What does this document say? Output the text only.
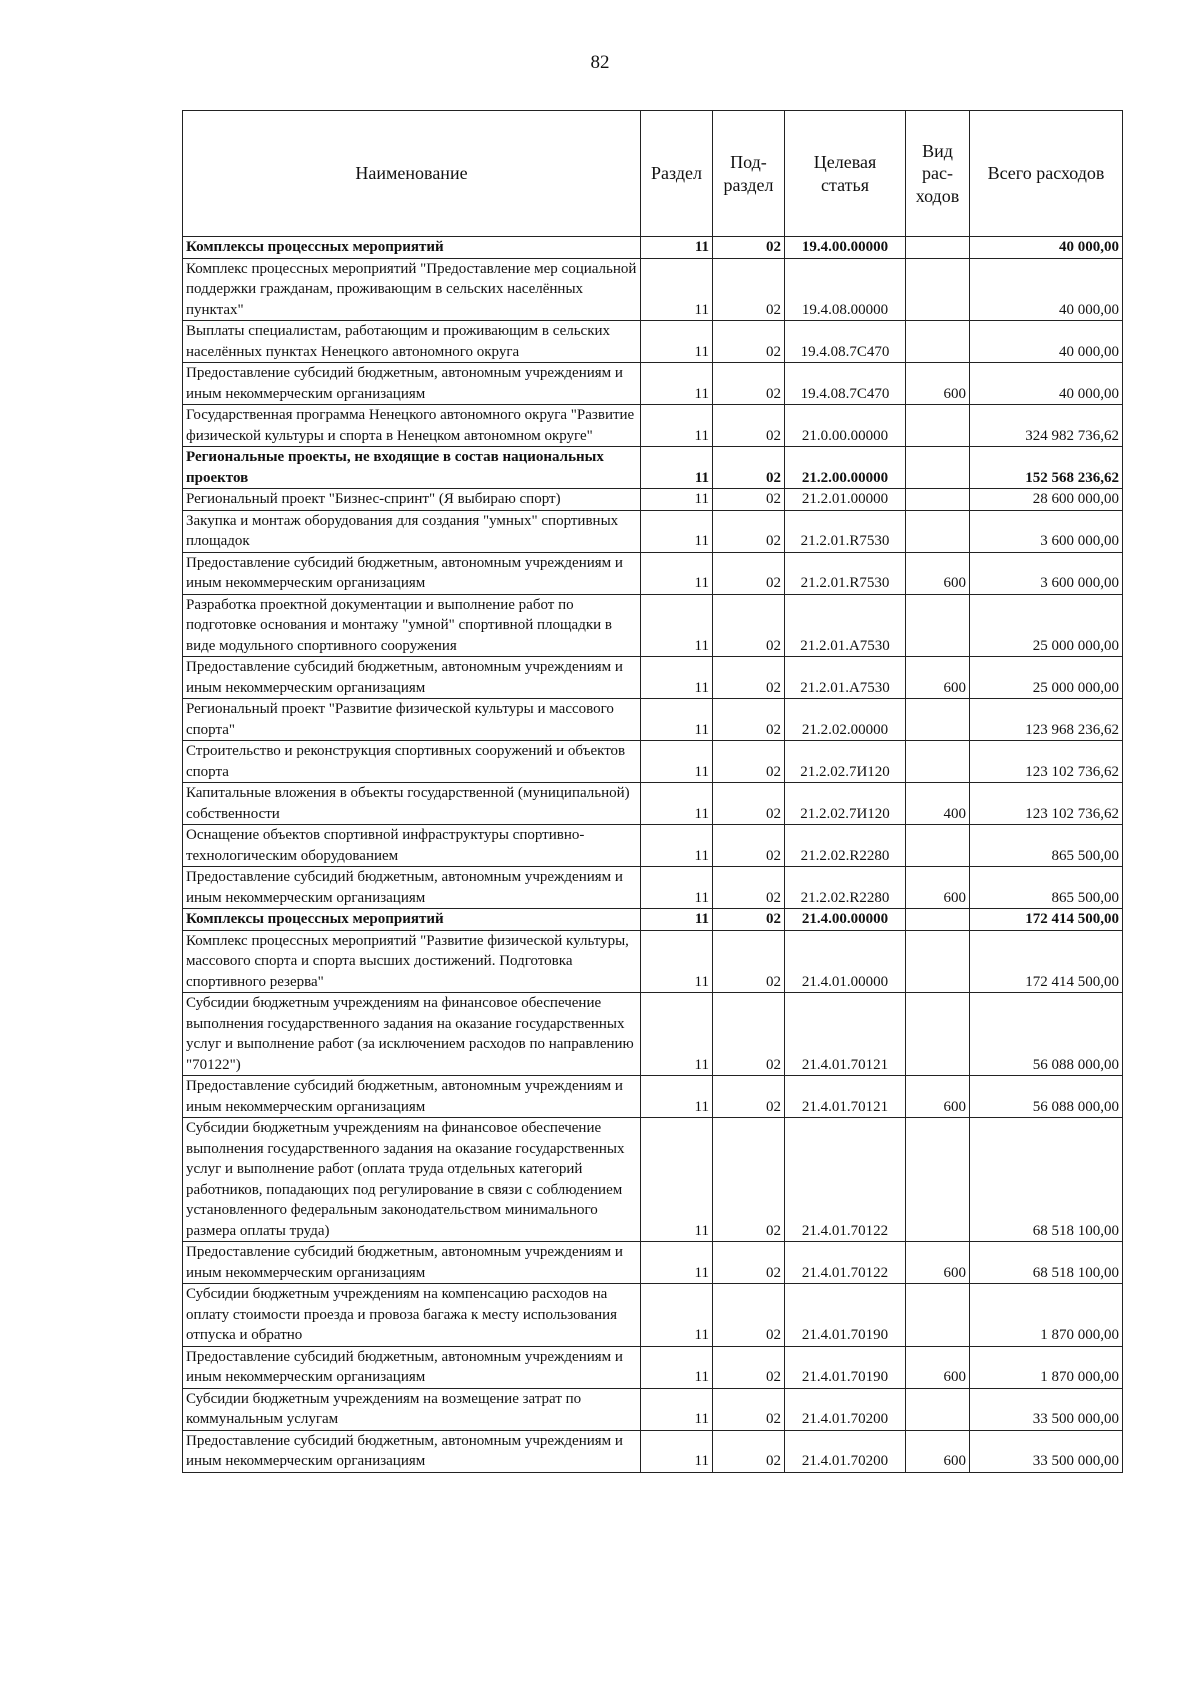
82
Наименование	Раздел	Под-раздел	Целевая статья	Вид рас-ходов	Всего расходов
Комплексы процессных мероприятий	11	02	19.4.00.00000		40 000,00
Комплекс процессных мероприятий "Предоставление мер социальной поддержки гражданам, проживающим в сельских населённых пунктах"	11	02	19.4.08.00000		40 000,00
Выплаты специалистам, работающим и проживающим в сельских населённых пунктах Ненецкого автономного округа	11	02	19.4.08.7С470		40 000,00
Предоставление субсидий бюджетным, автономным учреждениям и иным некоммерческим организациям	11	02	19.4.08.7С470	600	40 000,00
Государственная программа Ненецкого автономного округа "Развитие физической культуры и спорта в Ненецком автономном округе"	11	02	21.0.00.00000		324 982 736,62
Региональные проекты, не входящие в состав национальных проектов	11	02	21.2.00.00000		152 568 236,62
Региональный проект "Бизнес-спринт" (Я выбираю спорт)	11	02	21.2.01.00000		28 600 000,00
Закупка и монтаж оборудования для создания "умных" спортивных площадок	11	02	21.2.01.R7530		3 600 000,00
Предоставление субсидий бюджетным, автономным учреждениям и иным некоммерческим организациям	11	02	21.2.01.R7530	600	3 600 000,00
Разработка проектной документации и выполнение работ по подготовке основания и монтажу "умной" спортивной площадки в виде модульного спортивного сооружения	11	02	21.2.01.A7530		25 000 000,00
Предоставление субсидий бюджетным, автономным учреждениям и иным некоммерческим организациям	11	02	21.2.01.A7530	600	25 000 000,00
Региональный проект "Развитие физической культуры и массового спорта"	11	02	21.2.02.00000		123 968 236,62
Строительство и реконструкция спортивных сооружений и объектов спорта	11	02	21.2.02.7И120		123 102 736,62
Капитальные вложения в объекты государственной (муниципальной) собственности	11	02	21.2.02.7И120	400	123 102 736,62
Оснащение объектов спортивной инфраструктуры спортивно-технологическим оборудованием	11	02	21.2.02.R2280		865 500,00
Предоставление субсидий бюджетным, автономным учреждениям и иным некоммерческим организациям	11	02	21.2.02.R2280	600	865 500,00
Комплексы процессных мероприятий	11	02	21.4.00.00000		172 414 500,00
Комплекс процессных мероприятий "Развитие физической культуры, массового спорта и спорта высших достижений. Подготовка спортивного резерва"	11	02	21.4.01.00000		172 414 500,00
Субсидии бюджетным учреждениям на финансовое обеспечение выполнения государственного задания на оказание государственных услуг и выполнение работ (за исключением расходов по направлению "70122")	11	02	21.4.01.70121		56 088 000,00
Предоставление субсидий бюджетным, автономным учреждениям и иным некоммерческим организациям	11	02	21.4.01.70121	600	56 088 000,00
Субсидии бюджетным учреждениям на финансовое обеспечение выполнения государственного задания на оказание государственных услуг и выполнение работ (оплата труда отдельных категорий работников, попадающих под регулирование в связи с соблюдением установленного федеральным законодательством минимального размера оплаты труда)	11	02	21.4.01.70122		68 518 100,00
Предоставление субсидий бюджетным, автономным учреждениям и иным некоммерческим организациям	11	02	21.4.01.70122	600	68 518 100,00
Субсидии бюджетным учреждениям на компенсацию расходов на оплату стоимости проезда и провоза багажа к месту использования отпуска и обратно	11	02	21.4.01.70190		1 870 000,00
Предоставление субсидий бюджетным, автономным учреждениям и иным некоммерческим организациям	11	02	21.4.01.70190	600	1 870 000,00
Субсидии бюджетным учреждениям на возмещение затрат по коммунальным услугам	11	02	21.4.01.70200		33 500 000,00
Предоставление субсидий бюджетным, автономным учреждениям и иным некоммерческим организациям	11	02	21.4.01.70200	600	33 500 000,00
